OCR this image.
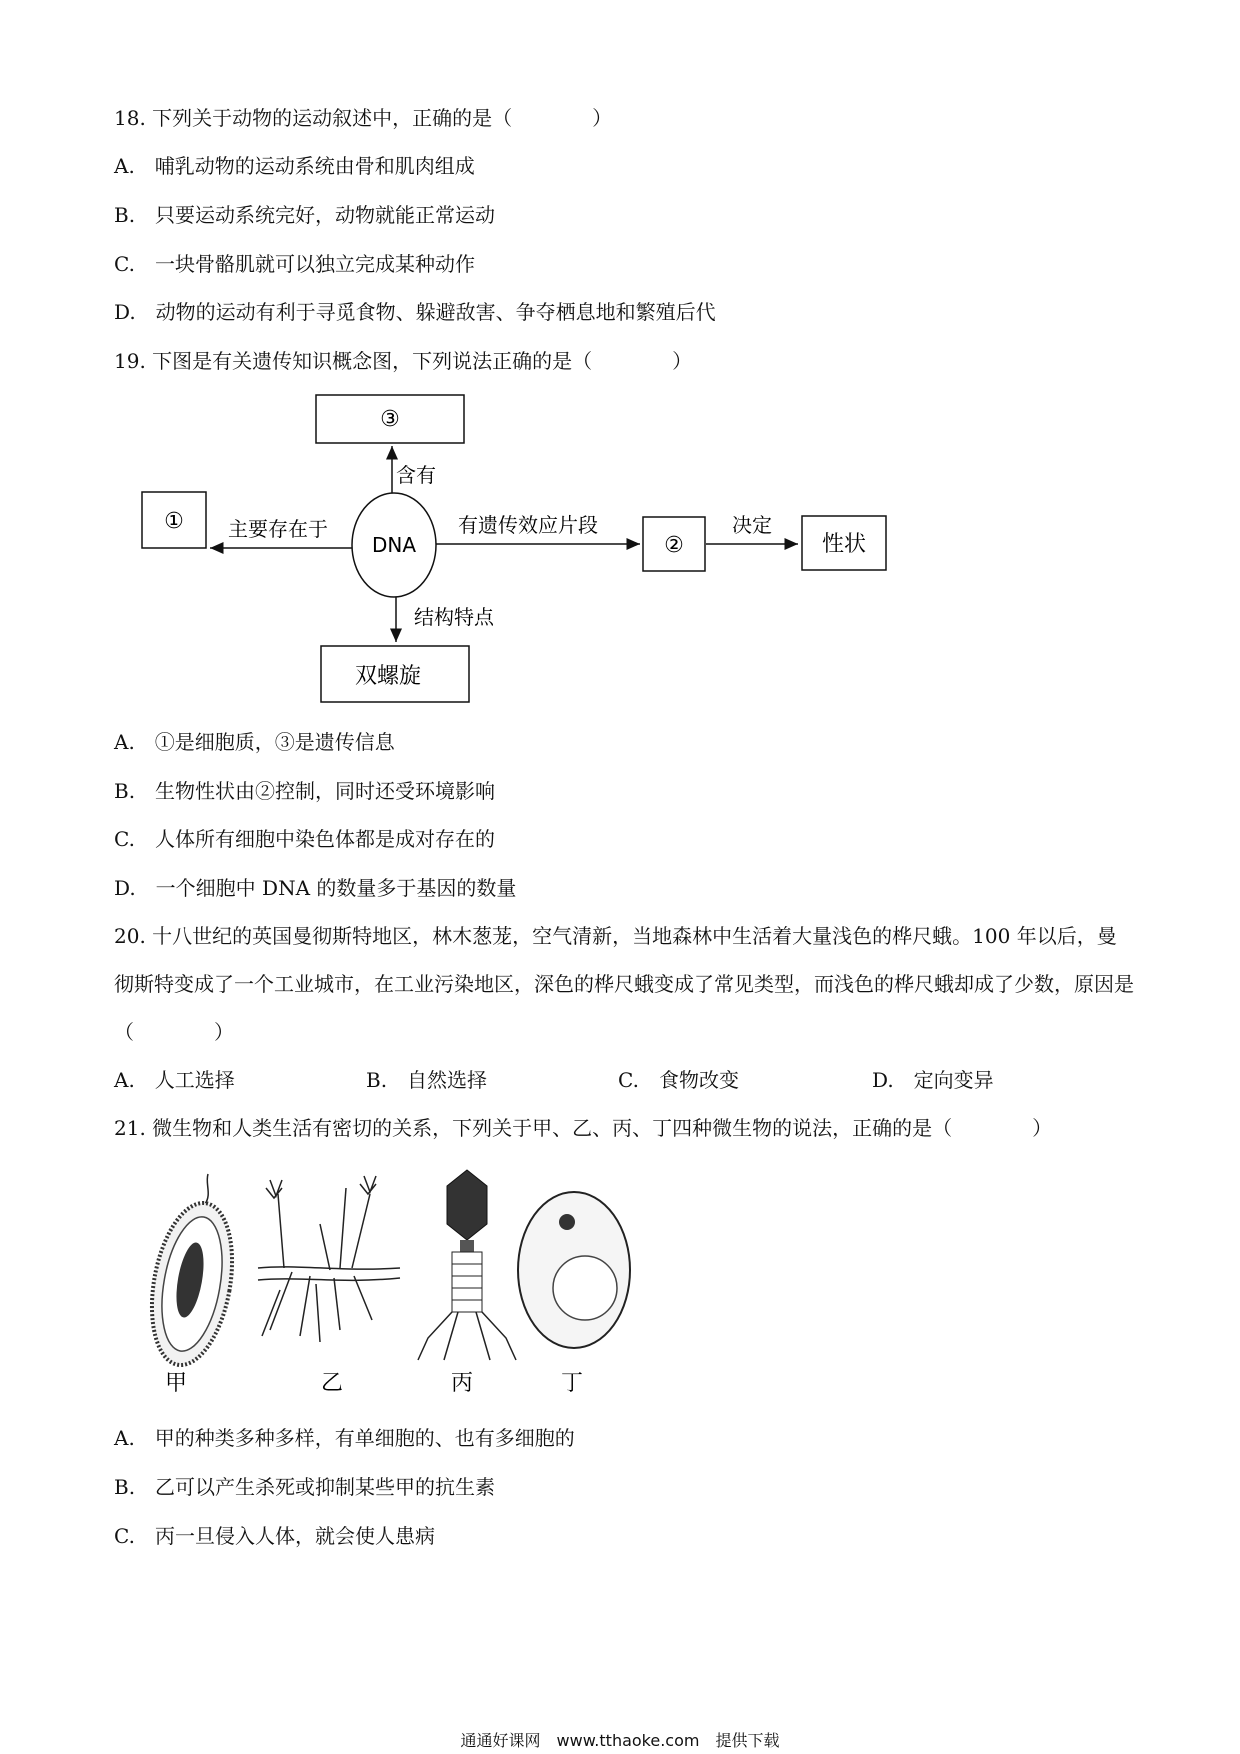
18. 下列关于动物的运动叙述中，正确的是（　　　　）
A.　哺乳动物的运动系统由骨和肌肉组成
B.　只要运动系统完好，动物就能正常运动
C.　一块骨骼肌就可以独立完成某种动作
D.　动物的运动有利于寻觅食物、躲避敌害、争夺栖息地和繁殖后代
19. 下图是有关遗传知识概念图，下列说法正确的是（　　　　）
③
①
DNA	②	性状
双螺旋
含有
主要存在于	有遗传效应片段	决定
结构特点
A.　①是细胞质，③是遗传信息
B.　生物性状由②控制，同时还受环境影响
C.　人体所有细胞中染色体都是成对存在的
D.　一个细胞中 DNA 的数量多于基因的数量
20. 十八世纪的英国曼彻斯特地区，林木葱茏，空气清新，当地森林中生活着大量浅色的桦尺蛾。100 年以后，曼彻斯特变成了一个工业城市，在工业污染地区，深色的桦尺蛾变成了常见类型，而浅色的桦尺蛾却成了少数，原因是（　　　　）
A.　人工选择	B.　自然选择	C.　食物改变	D.　定向变异
21. 微生物和人类生活有密切的关系，下列关于甲、乙、丙、丁四种微生物的说法，正确的是（　　　　）
甲	乙	丙	丁
A.　甲的种类多种多样，有单细胞的、也有多细胞的
B.　乙可以产生杀死或抑制某些甲的抗生素
C.　丙一旦侵入人体，就会使人患病
通通好课网　www.tthaoke.com　提供下载
